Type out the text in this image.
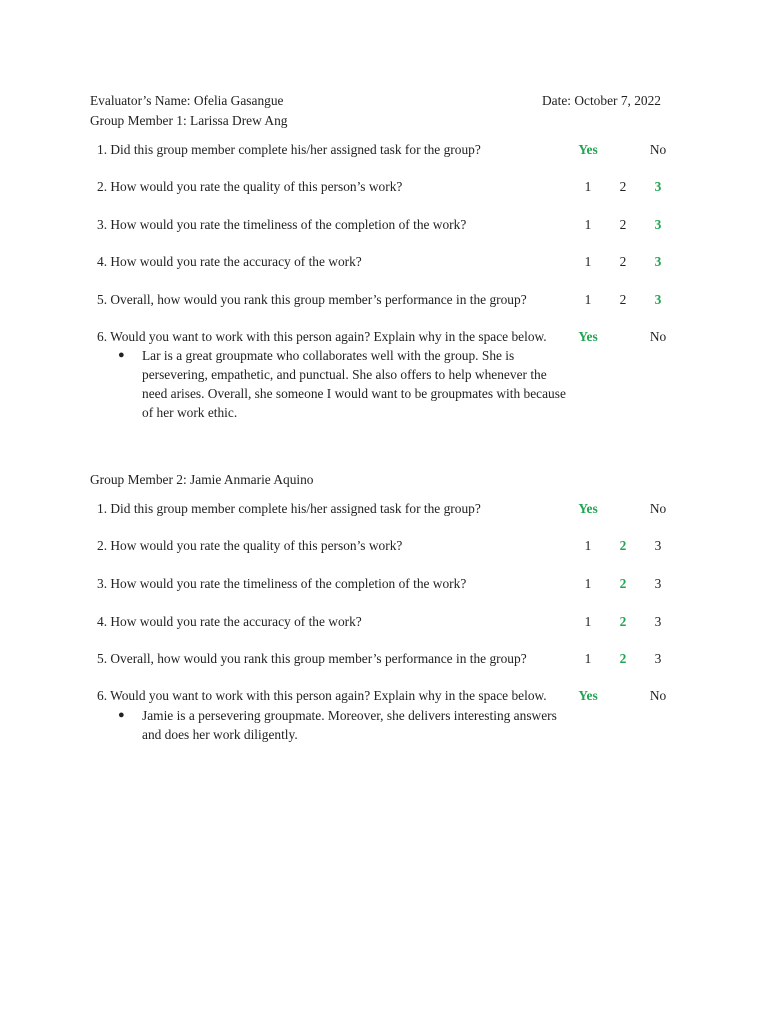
Evaluator’s Name: Ofelia Gasangue	Date: October 7, 2022
Group Member 1: Larissa Drew Ang
1. Did this group member complete his/her assigned task for the group?	Yes	No
2. How would you rate the quality of this person’s work?	1	2	3
3. How would you rate the timeliness of the completion of the work?	1	2	3
4. How would you rate the accuracy of the work?	1	2	3
5. Overall, how would you rank this group member’s performance in the group?	1	2	3
6. Would you want to work with this person again? Explain why in the space below.	Yes	No
● Lar is a great groupmate who collaborates well with the group. She is persevering, empathetic, and punctual. She also offers to help whenever the need arises. Overall, she someone I would want to be groupmates with because of her work ethic.
Group Member 2: Jamie Anmarie Aquino
1. Did this group member complete his/her assigned task for the group?	Yes	No
2. How would you rate the quality of this person’s work?	1	2	3
3. How would you rate the timeliness of the completion of the work?	1	2	3
4. How would you rate the accuracy of the work?	1	2	3
5. Overall, how would you rank this group member’s performance in the group?	1	2	3
6. Would you want to work with this person again? Explain why in the space below.	Yes	No
● Jamie is a persevering groupmate. Moreover, she delivers interesting answers and does her work diligently.
